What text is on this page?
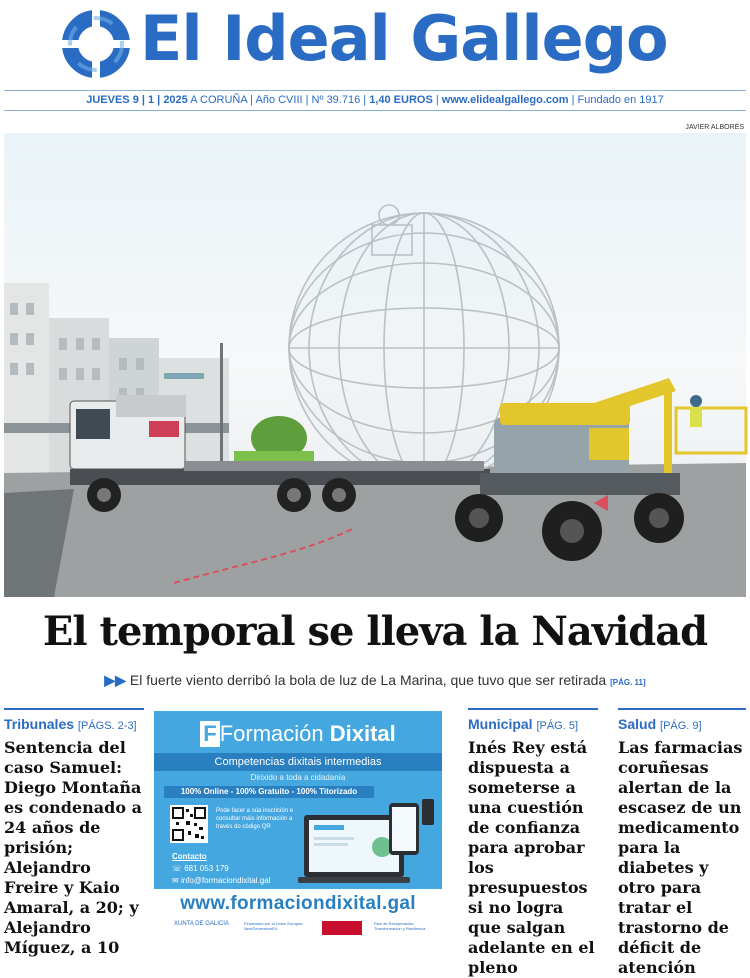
El Ideal Gallego
JUEVES 9 | 1 | 2025 A CORUÑA | Año CVIII | Nº 39.716 | 1,40 EUROS | www.elidealgallego.com | Fundado en 1917
JAVIER ALBORÉS
El temporal se lleva la Navidad
▶▶ El fuerte viento derribó la bola de luz de La Marina, que tuvo que ser retirada [PÁG. 11]
Tribunales [PÁGS. 2-3]
Sentencia del caso Samuel: Diego Montaña es condenado a 24 años de prisión; Alejandro Freire y Kaio Amaral, a 20; y Alejandro Míguez, a 10
F Formación Dixital
Competencias dixitais intermedias
Dirixido a toda a cidadanía
100% Online - 100% Gratuito - 100% Titorizado
Pode facer a súa inscrición e consultar máis información a través do código QR
Contacto
☏ 681 053 179
✉ info@formaciondixital.gal
www.formaciondixital.gal
XUNTA DE GALICIA	Financiado por la Unión Europea NextGenerationEU
Plan de Recuperación, Transformación y Resiliencia
Municipal [PÁG. 5]
Inés Rey está dispuesta a someterse a una cuestión de confianza para aprobar los presupuestos si no logra que salgan adelante en el pleno
Salud [PÁG. 9]
Las farmacias coruñesas alertan de la escasez de un medicamento para la diabetes y otro para tratar el trastorno de déficit de atención
